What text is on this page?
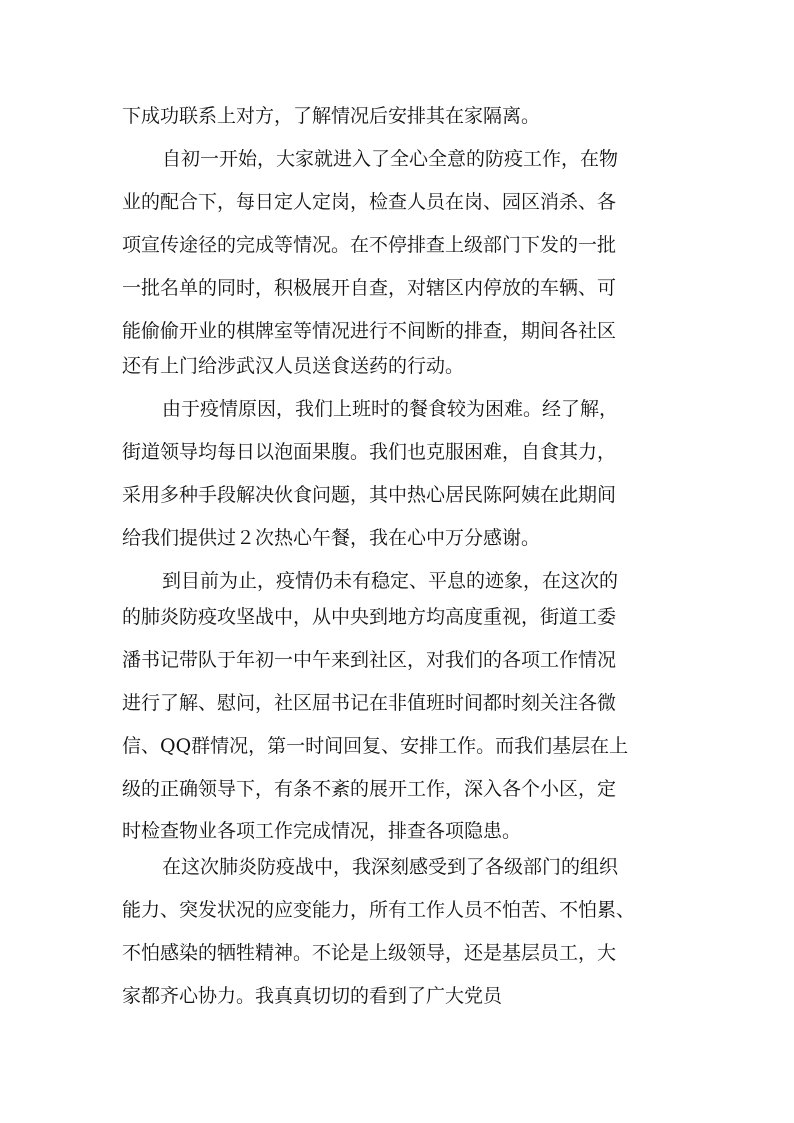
下成功联系上对方，了解情况后安排其在家隔离。
自初一开始，大家就进入了全心全意的防疫工作，在物
业的配合下，每日定人定岗，检查人员在岗、园区消杀、各
项宣传途径的完成等情况。在不停排查上级部门下发的一批
一批名单的同时，积极展开自查，对辖区内停放的车辆、可
能偷偷开业的棋牌室等情况进行不间断的排查，期间各社区
还有上门给涉武汉人员送食送药的行动。
由于疫情原因，我们上班时的餐食较为困难。经了解，
街道领导均每日以泡面果腹。我们也克服困难，自食其力，
采用多种手段解决伙食问题，其中热心居民陈阿姨在此期间
给我们提供过２次热心午餐，我在心中万分感谢。
到目前为止，疫情仍未有稳定、平息的迹象，在这次的
的肺炎防疫攻坚战中，从中央到地方均高度重视，街道工委
潘书记带队于年初一中午来到社区，对我们的各项工作情况
进行了解、慰问，社区屈书记在非值班时间都时刻关注各微
信、QQ群情况，第一时间回复、安排工作。而我们基层在上
级的正确领导下，有条不紊的展开工作，深入各个小区，定
时检查物业各项工作完成情况，排查各项隐患。
在这次肺炎防疫战中，我深刻感受到了各级部门的组织
能力、突发状况的应变能力，所有工作人员不怕苦、不怕累、
不怕感染的牺牲精神。不论是上级领导，还是基层员工，大
家都齐心协力。我真真切切的看到了广大党员
